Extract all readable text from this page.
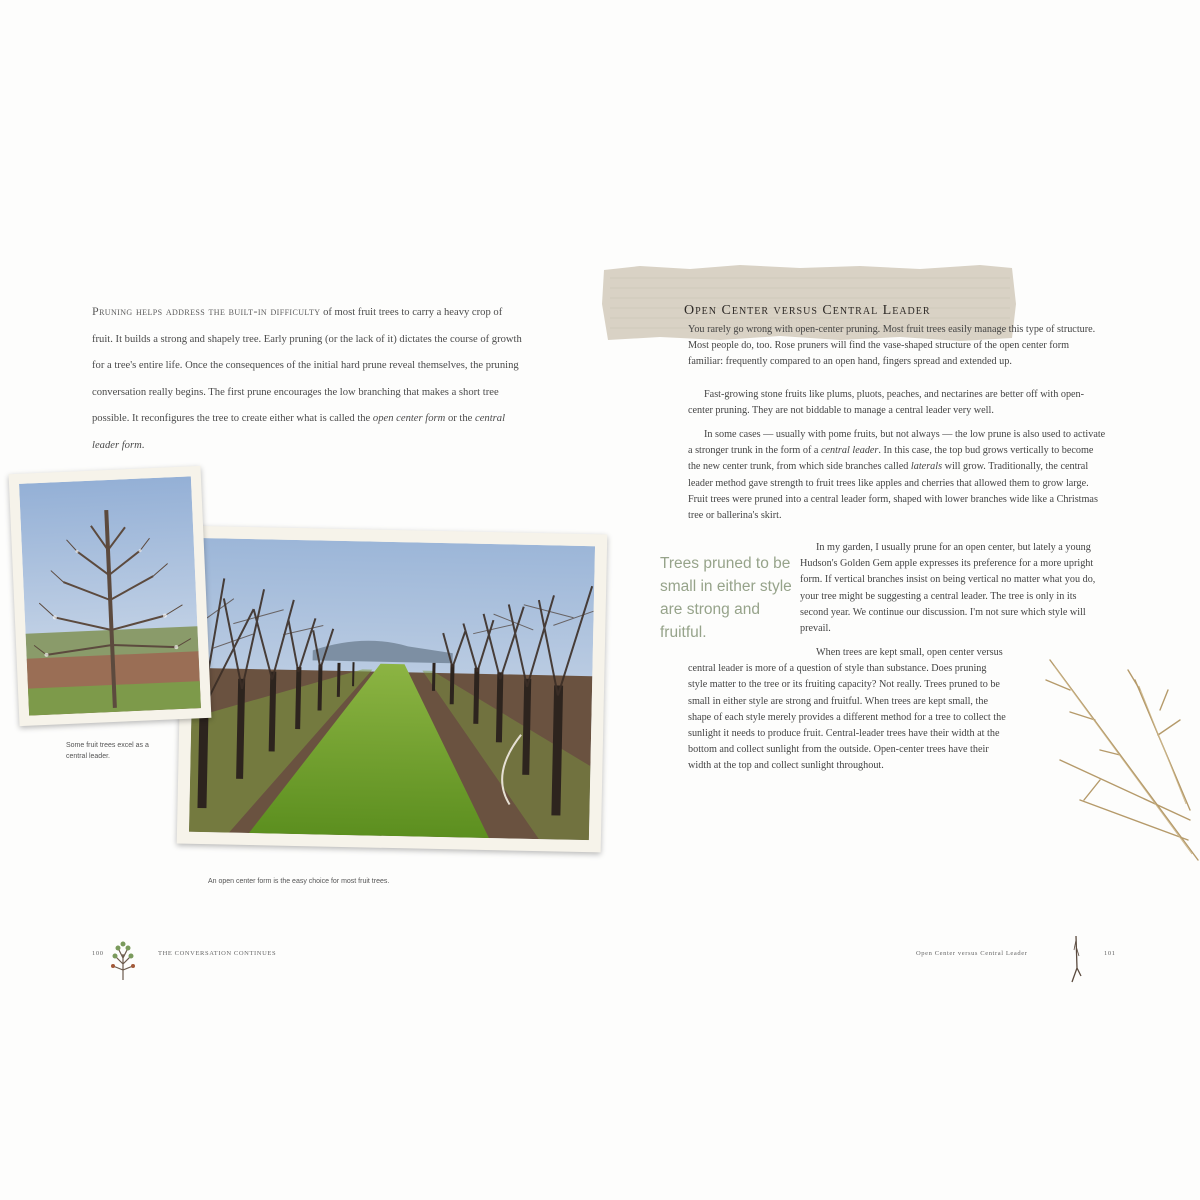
Pruning helps address the built-in difficulty of most fruit trees to carry a heavy crop of fruit. It builds a strong and shapely tree. Early pruning (or the lack of it) dictates the course of growth for a tree's entire life. Once the consequences of the initial hard prune reveal themselves, the pruning conversation really begins. The first prune encourages the low branching that makes a short tree possible. It reconfigures the tree to create either what is called the open center form or the central leader form.

Some fruit trees excel as a central leader.

An open center form is the easy choice for most fruit trees.

100	THE CONVERSATION CONTINUES
Open Center versus Central Leader

You rarely go wrong with open-center pruning. Most fruit trees easily manage this type of structure. Most people do, too. Rose pruners will find the vase-shaped structure of the open center form familiar: frequently compared to an open hand, fingers spread and extended up.

Fast-growing stone fruits like plums, pluots, peaches, and nectarines are better off with open-center pruning. They are not biddable to manage a central leader very well.

In some cases — usually with pome fruits, but not always — the low prune is also used to activate a stronger trunk in the form of a central leader. In this case, the top bud grows vertically to become the new center trunk, from which side branches called laterals will grow. Traditionally, the central leader method gave strength to fruit trees like apples and cherries that allowed them to grow large. Fruit trees were pruned into a central leader form, shaped with lower branches wide like a Christmas tree or ballerina's skirt.

Trees pruned to be small in either style are strong and fruitful.

In my garden, I usually prune for an open center, but lately a young Hudson's Golden Gem apple expresses its preference for a more upright form. If vertical branches insist on being vertical no matter what you do, your tree might be suggesting a central leader. The tree is only in its second year. We continue our discussion. I'm not sure which style will prevail.

When trees are kept small, open center versus central leader is more of a question of style than substance. Does pruning style matter to the tree or its fruiting capacity? Not really. Trees pruned to be small in either style are strong and fruitful. When trees are kept small, the shape of each style merely provides a different method for a tree to collect the sunlight it needs to produce fruit. Central-leader trees have their width at the bottom and collect sunlight from the outside. Open-center trees have their width at the top and collect sunlight throughout.

Open Center versus Central Leader	101
